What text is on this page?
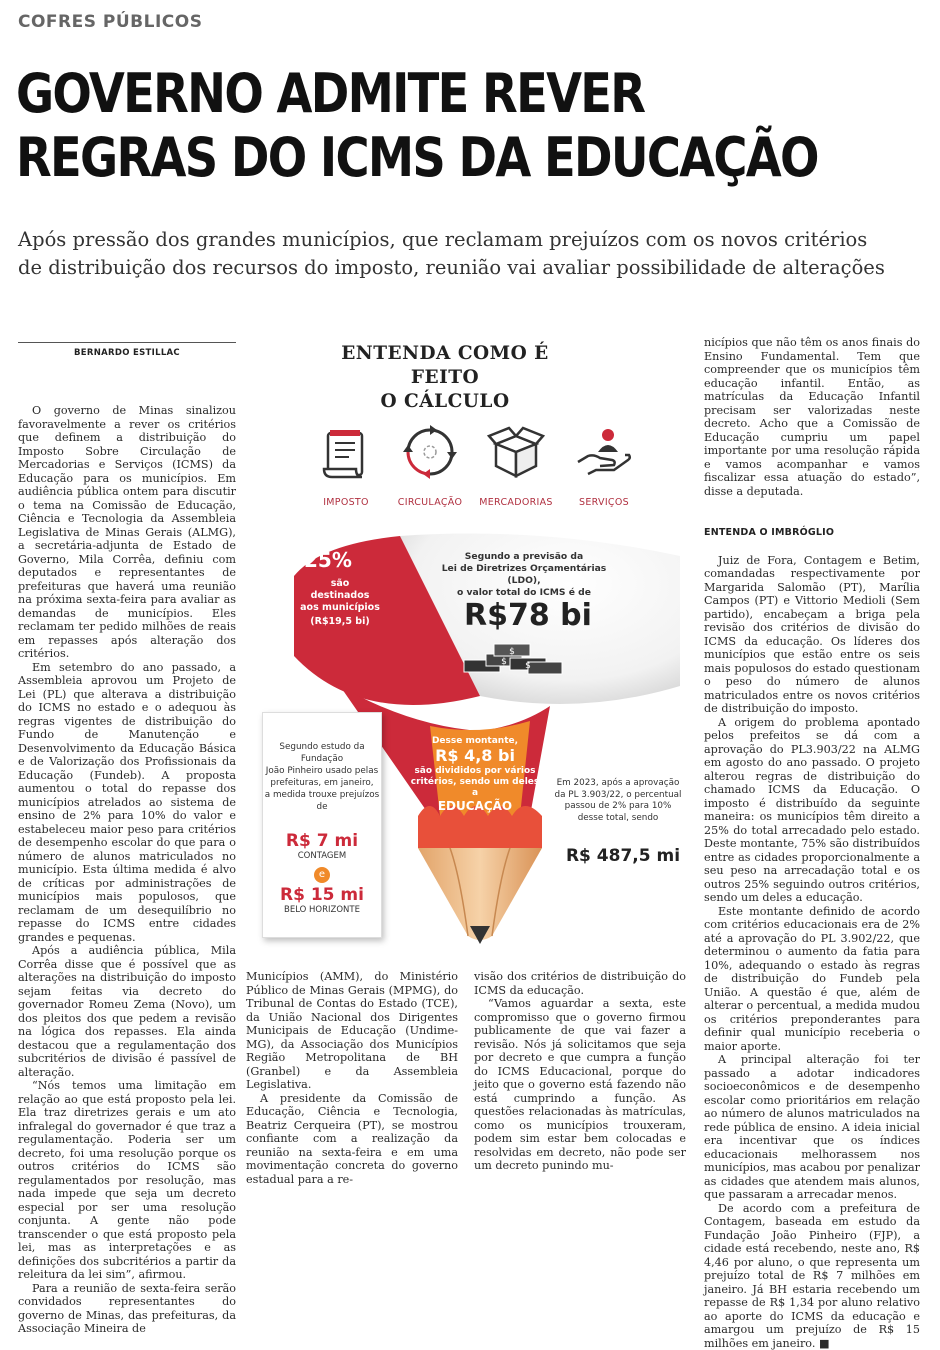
COFRES PÚBLICOS
GOVERNO ADMITE REVER
REGRAS DO ICMS DA EDUCAÇÃO
Após pressão dos grandes municípios, que reclamam prejuízos com os novos critérios
de distribuição dos recursos do imposto, reunião vai avaliar possibilidade de alterações
BERNARDO ESTILLAC

O governo de Minas sinalizou favoravelmente a rever os critérios que definem a distribuição do Imposto Sobre Circulação de Mercadorias e Serviços (ICMS) da Educação para os municípios. Em audiência pública ontem para discutir o tema na Comissão de Educação, Ciência e Tecnologia da Assembleia Legislativa de Minas Gerais (ALMG), a secretária-adjunta de Estado de Governo, Mila Corrêa, definiu com deputados e representantes de prefeituras que haverá uma reunião na próxima sexta-feira para avaliar as demandas de municípios. Eles reclamam ter pedido milhões de reais em repasses após alteração dos critérios.

Em setembro do ano passado, a Assembleia aprovou um Projeto de Lei (PL) que alterava a distribuição do ICMS no estado e o adequou às regras vigentes de distribuição do Fundo de Manutenção e Desenvolvimento da Educação Básica e de Valorização dos Profissionais da Educação (Fundeb). A proposta aumentou o total do repasse dos municípios atrelados ao sistema de ensino de 2% para 10% do valor e estabeleceu maior peso para critérios de desempenho escolar do que para o número de alunos matriculados no município. Esta última medida é alvo de críticas por administrações de municípios mais populosos, que reclamam de um desequilíbrio no repasse do ICMS entre cidades grandes e pequenas.

Após a audiência pública, Mila Corrêa disse que é possível que as alterações na distribuição do imposto sejam feitas via decreto do governador Romeu Zema (Novo), um dos pleitos dos que pedem a revisão na lógica dos repasses. Ela ainda destacou que a regulamentação dos subcritérios de divisão é passível de alteração.

“Nós temos uma limitação em relação ao que está proposto pela lei. Ela traz diretrizes gerais e um ato infralegal do governador é que traz a regulamentação. Poderia ser um decreto, foi uma resolução porque os outros critérios do ICMS são regulamentados por resolução, mas nada impede que seja um decreto especial por ser uma resolução conjunta. A gente não pode transcender o que está proposto pela lei, mas as interpretações e as definições dos subcritérios a partir da releitura da lei sim”, afirmou.

Para a reunião de sexta-feira serão convidados representantes do governo de Minas, das prefeituras, da Associação Mineira de

Municípios (AMM), do Ministério Público de Minas Gerais (MPMG), do Tribunal de Contas do Estado (TCE), da União Nacional dos Dirigentes Municipais de Educação (Undime-MG), da Associação dos Municípios Região Metropolitana de BH (Granbel) e da Assembleia Legislativa.

A presidente da Comissão de Educação, Ciência e Tecnologia, Beatriz Cerqueira (PT), se mostrou confiante com a realização da reunião na sexta-feira e em uma movimentação concreta do governo estadual para a re-

visão dos critérios de distribuição do ICMS da educação.

“Vamos aguardar a sexta, este compromisso que o governo firmou publicamente de que vai fazer a revisão. Nós já solicitamos que seja por decreto e que cumpra a função do ICMS Educacional, porque do jeito que o governo está fazendo não está cumprindo a função. As questões relacionadas às matrículas, como os municípios trouxeram, podem sim estar bem colocadas e resolvidas em decreto, não pode ser um decreto punindo mu-

nicípios que não têm os anos finais do Ensino Fundamental. Tem que compreender que os municípios têm educação infantil. Então, as matrículas da Educação Infantil precisam ser valorizadas neste decreto. Acho que a Comissão de Educação cumpriu um papel importante por uma resolução rápida e vamos acompanhar e vamos fiscalizar essa atuação do estado”, disse a deputada.

ENTENDA O IMBRÓGLIO

Juiz de Fora, Contagem e Betim, comandadas respectivamente por Margarida Salomão (PT), Marília Campos (PT) e Vittorio Medioli (Sem partido), encabeçam a briga pela revisão dos critérios de divisão do ICMS da educação. Os líderes dos municípios que estão entre os seis mais populosos do estado questionam o peso do número de alunos matriculados entre os novos critérios de distribuição do imposto.

A origem do problema apontado pelos prefeitos se dá com a aprovação do PL3.903/22 na ALMG em agosto do ano passado. O projeto alterou regras de distribuição do chamado ICMS da Educação. O imposto é distribuído da seguinte maneira: os municípios têm direito a 25% do total arrecadado pelo estado. Deste montante, 75% são distribuídos entre as cidades proporcionalmente a seu peso na arrecadação total e os outros 25% seguindo outros critérios, sendo um deles a educação.

Este montante definido de acordo com critérios educacionais era de 2% até a aprovação do PL 3.902/22, que determinou o aumento da fatia para 10%, adequando o estado às regras de distribuição do Fundeb pela União. A questão é que, além de alterar o percentual, a medida mudou os critérios preponderantes para definir qual município receberia o maior aporte.

A principal alteração foi ter passado a adotar indicadores socioeconômicos e de desempenho escolar como prioritários em relação ao número de alunos matriculados na rede pública de ensino. A ideia inicial era incentivar que os índices educacionais melhorassem nos municípios, mas acabou por penalizar as cidades que atendem mais alunos, que passaram a arrecadar menos.

De acordo com a prefeitura de Contagem, baseada em estudo da Fundação João Pinheiro (FJP), a cidade está recebendo, neste ano, R$ 4,46 por aluno, o que representa um prejuízo total de R$ 7 milhões em janeiro. Já BH estaria recebendo um repasse de R$ 1,34 por aluno relativo ao aporte do ICMS da educação e amargou um prejuízo de R$ 15 milhões em janeiro. ■

ENTENDA COMO É FEITO
O CÁLCULO
IMPOSTO	CIRCULAÇÃO	MERCADORIAS	SERVIÇOS
25%
são destinados
aos municípios
(R$19,5 bi)
Segundo a previsão da
Lei de Diretrizes Orçamentárias (LDO),
o valor total do ICMS é de
R$78 bi
$
$ $
Segundo estudo da Fundação
João Pinheiro usado pelas
prefeituras, em janeiro,
a medida trouxe prejuízos de
R$ 7 mi
CONTAGEM
e
R$ 15 mi
BELO HORIZONTE
Desse montante,
R$ 4,8 bi
são divididos por vários
critérios, sendo um deles a
EDUCAÇÃO
Em 2023, após a aprovação
da PL 3.903/22, o percentual
passou de 2% para 10%
desse total, sendo
R$ 487,5 mi
